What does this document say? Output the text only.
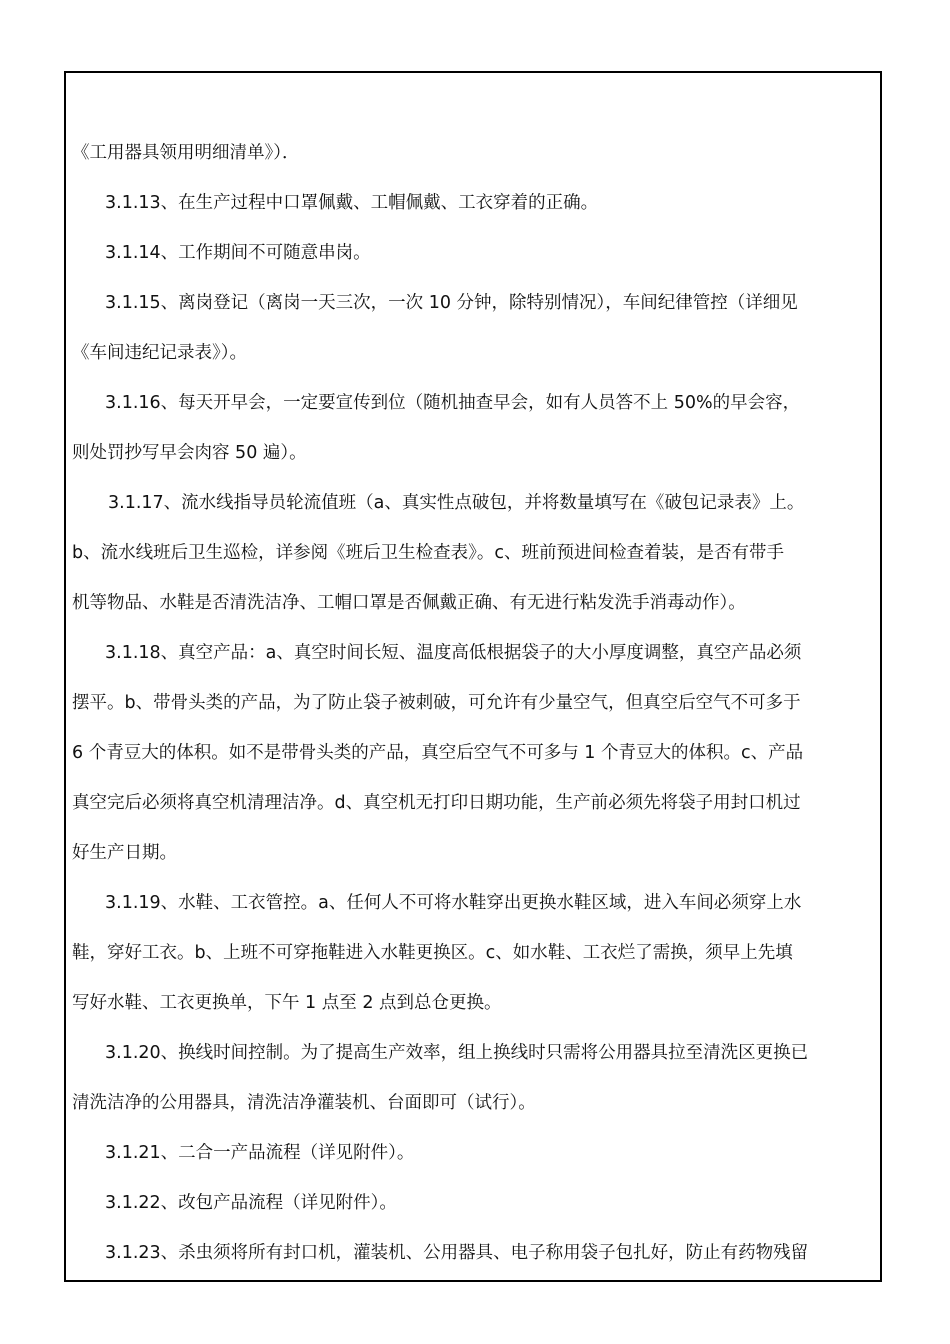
《工用器具领用明细清单》）．
3.1.13、在生产过程中口罩佩戴、工帽佩戴、工衣穿着的正确。
3.1.14、工作期间不可随意串岗。
3.1.15、离岗登记（离岗一天三次，一次 10 分钟，除特别情况），车间纪律管控（详细见
《车间违纪记录表》）。
3.1.16、每天开早会，一定要宣传到位（随机抽查早会，如有人员答不上 50%的早会容，
则处罚抄写早会肉容 50 遍）。
3.1.17、流水线指导员轮流值班（a、真实性点破包，并将数量填写在《破包记录表》上。
b、流水线班后卫生巡检，详参阅《班后卫生检查表》。c、班前预进间检查着装，是否有带手
机等物品、水鞋是否清洗洁净、工帽口罩是否佩戴正确、有无进行粘发洗手消毒动作）。
3.1.18、真空产品：a、真空时间长短、温度高低根据袋子的大小厚度调整，真空产品必须
摆平。b、带骨头类的产品，为了防止袋子被刺破，可允许有少量空气，但真空后空气不可多于
6 个青豆大的体积。如不是带骨头类的产品，真空后空气不可多与 1 个青豆大的体积。c、产品
真空完后必须将真空机清理洁净。d、真空机无打印日期功能，生产前必须先将袋子用封口机过
好生产日期。
3.1.19、水鞋、工衣管控。a、任何人不可将水鞋穿出更换水鞋区域，进入车间必须穿上水
鞋，穿好工衣。b、上班不可穿拖鞋进入水鞋更换区。c、如水鞋、工衣烂了需换，须早上先填
写好水鞋、工衣更换单，下午 1 点至 2 点到总仓更换。
3.1.20、换线时间控制。为了提高生产效率，组上换线时只需将公用器具拉至清洗区更换已
清洗洁净的公用器具，清洗洁净灌装机、台面即可（试行）。
3.1.21、二合一产品流程（详见附件）。
3.1.22、改包产品流程（详见附件）。
3.1.23、杀虫须将所有封口机，灌装机、公用器具、电子称用袋子包扎好，防止有药物残留
